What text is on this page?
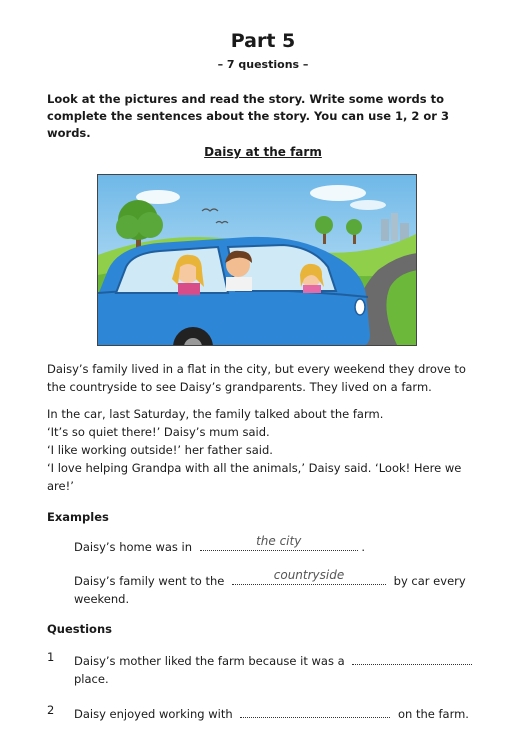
Part 5
– 7 questions –
Look at the pictures and read the story. Write some words to complete the sentences about the story. You can use 1, 2 or 3 words.
Daisy at the farm
Daisy’s family lived in a flat in the city, but every weekend they drove to the countryside to see Daisy’s grandparents. They lived on a farm.
In the car, last Saturday, the family talked about the farm.
‘It’s so quiet there!’ Daisy’s mum said.
‘I like working outside!’ her father said.
‘I love helping Grandpa with all the animals,’ Daisy said. ‘Look! Here we are!’
Examples
Daisy’s home was in	the city	.
Daisy’s family went to the	countryside	by car every
weekend.
Questions
1 Daisy’s mother liked the farm because it was a
place.
2 Daisy enjoyed working with	on the farm.
